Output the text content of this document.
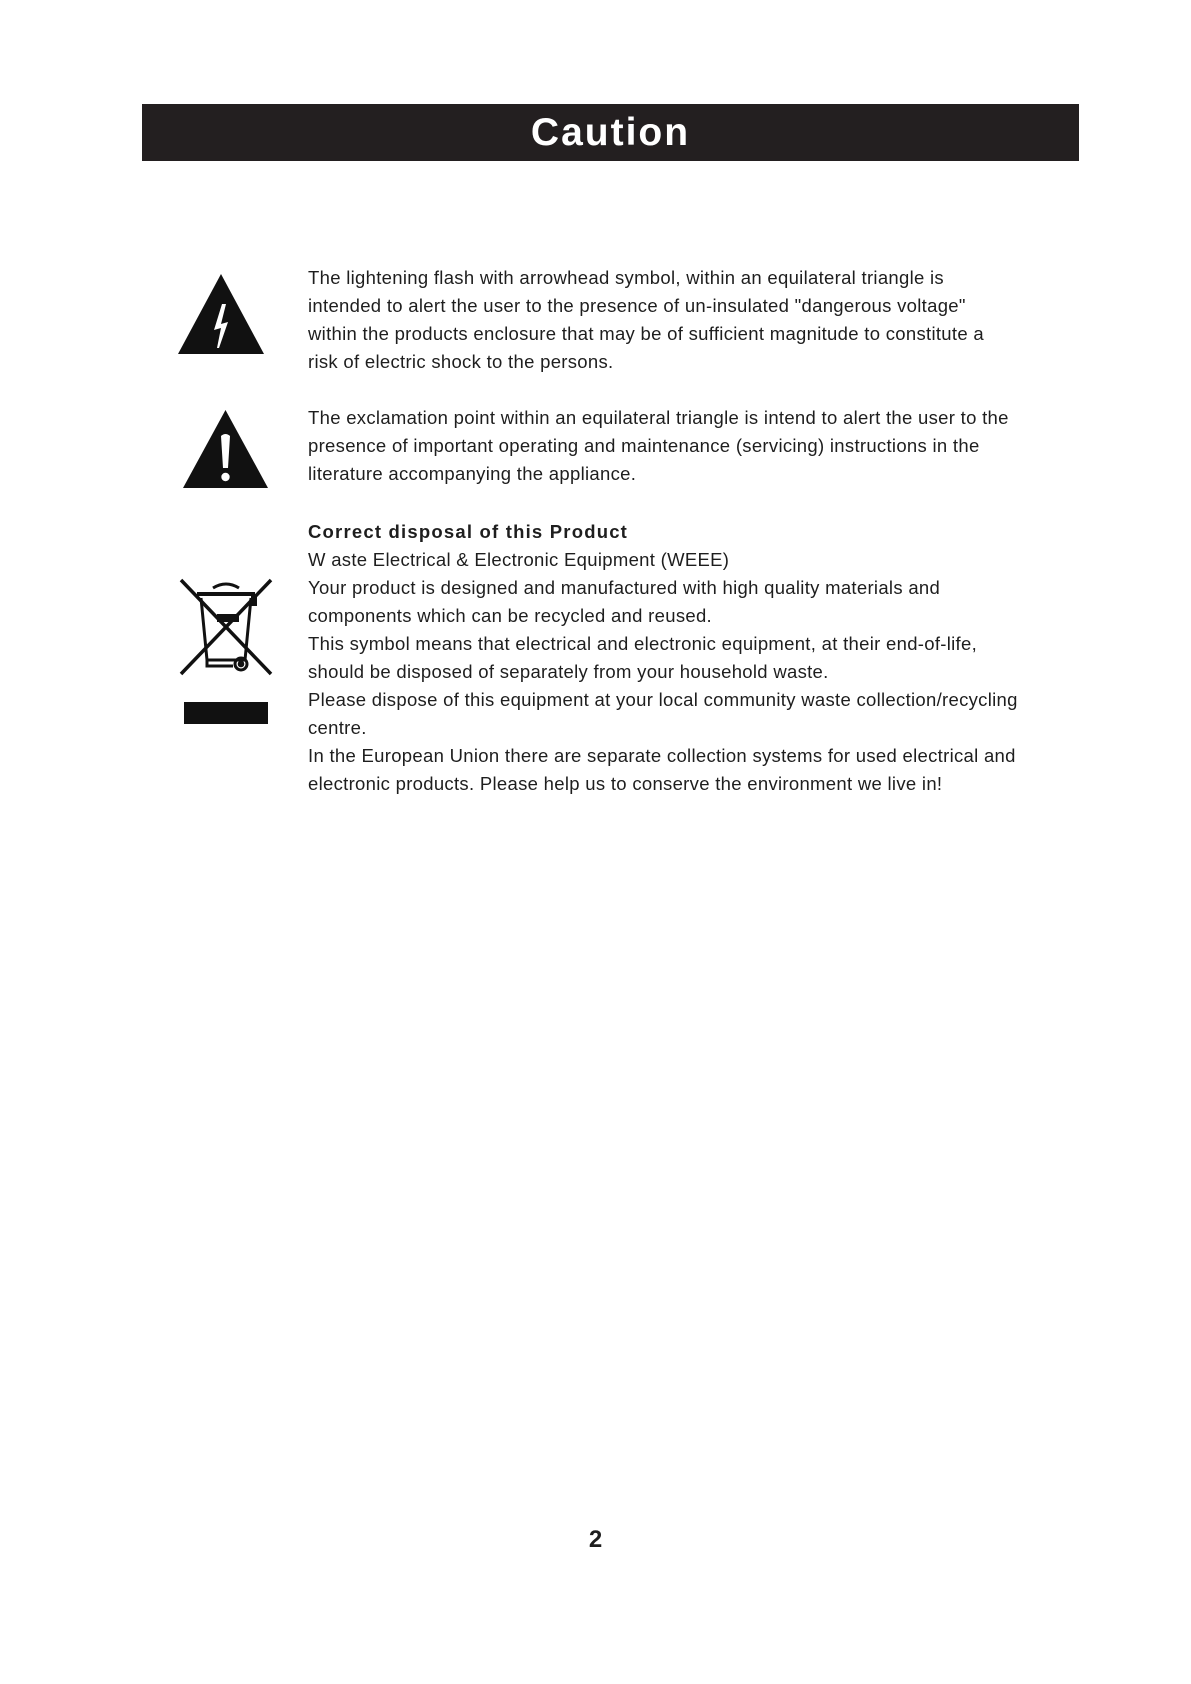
Caution

The lightening flash with arrowhead symbol, within an equilateral triangle is intended to alert the user to the presence of un-insulated "dangerous voltage" within the products enclosure that may be of sufficient magnitude to constitute a risk of electric shock to the persons.

The exclamation point within an equilateral triangle is intend to alert the user to the presence of important operating and maintenance (servicing) instructions in the literature accompanying the appliance.

Correct disposal of this Product

W aste Electrical & Electronic Equipment (WEEE)

Your product is designed and manufactured with high quality materials and components which can be recycled and reused.

This symbol means that electrical and electronic equipment, at their end-of-life, should be disposed of separately from your household waste.

Please dispose of this equipment at your local community waste collection/recycling centre.

In the European Union there are separate collection systems for used electrical and electronic products. Please help us to conserve the environment we live in!

2
